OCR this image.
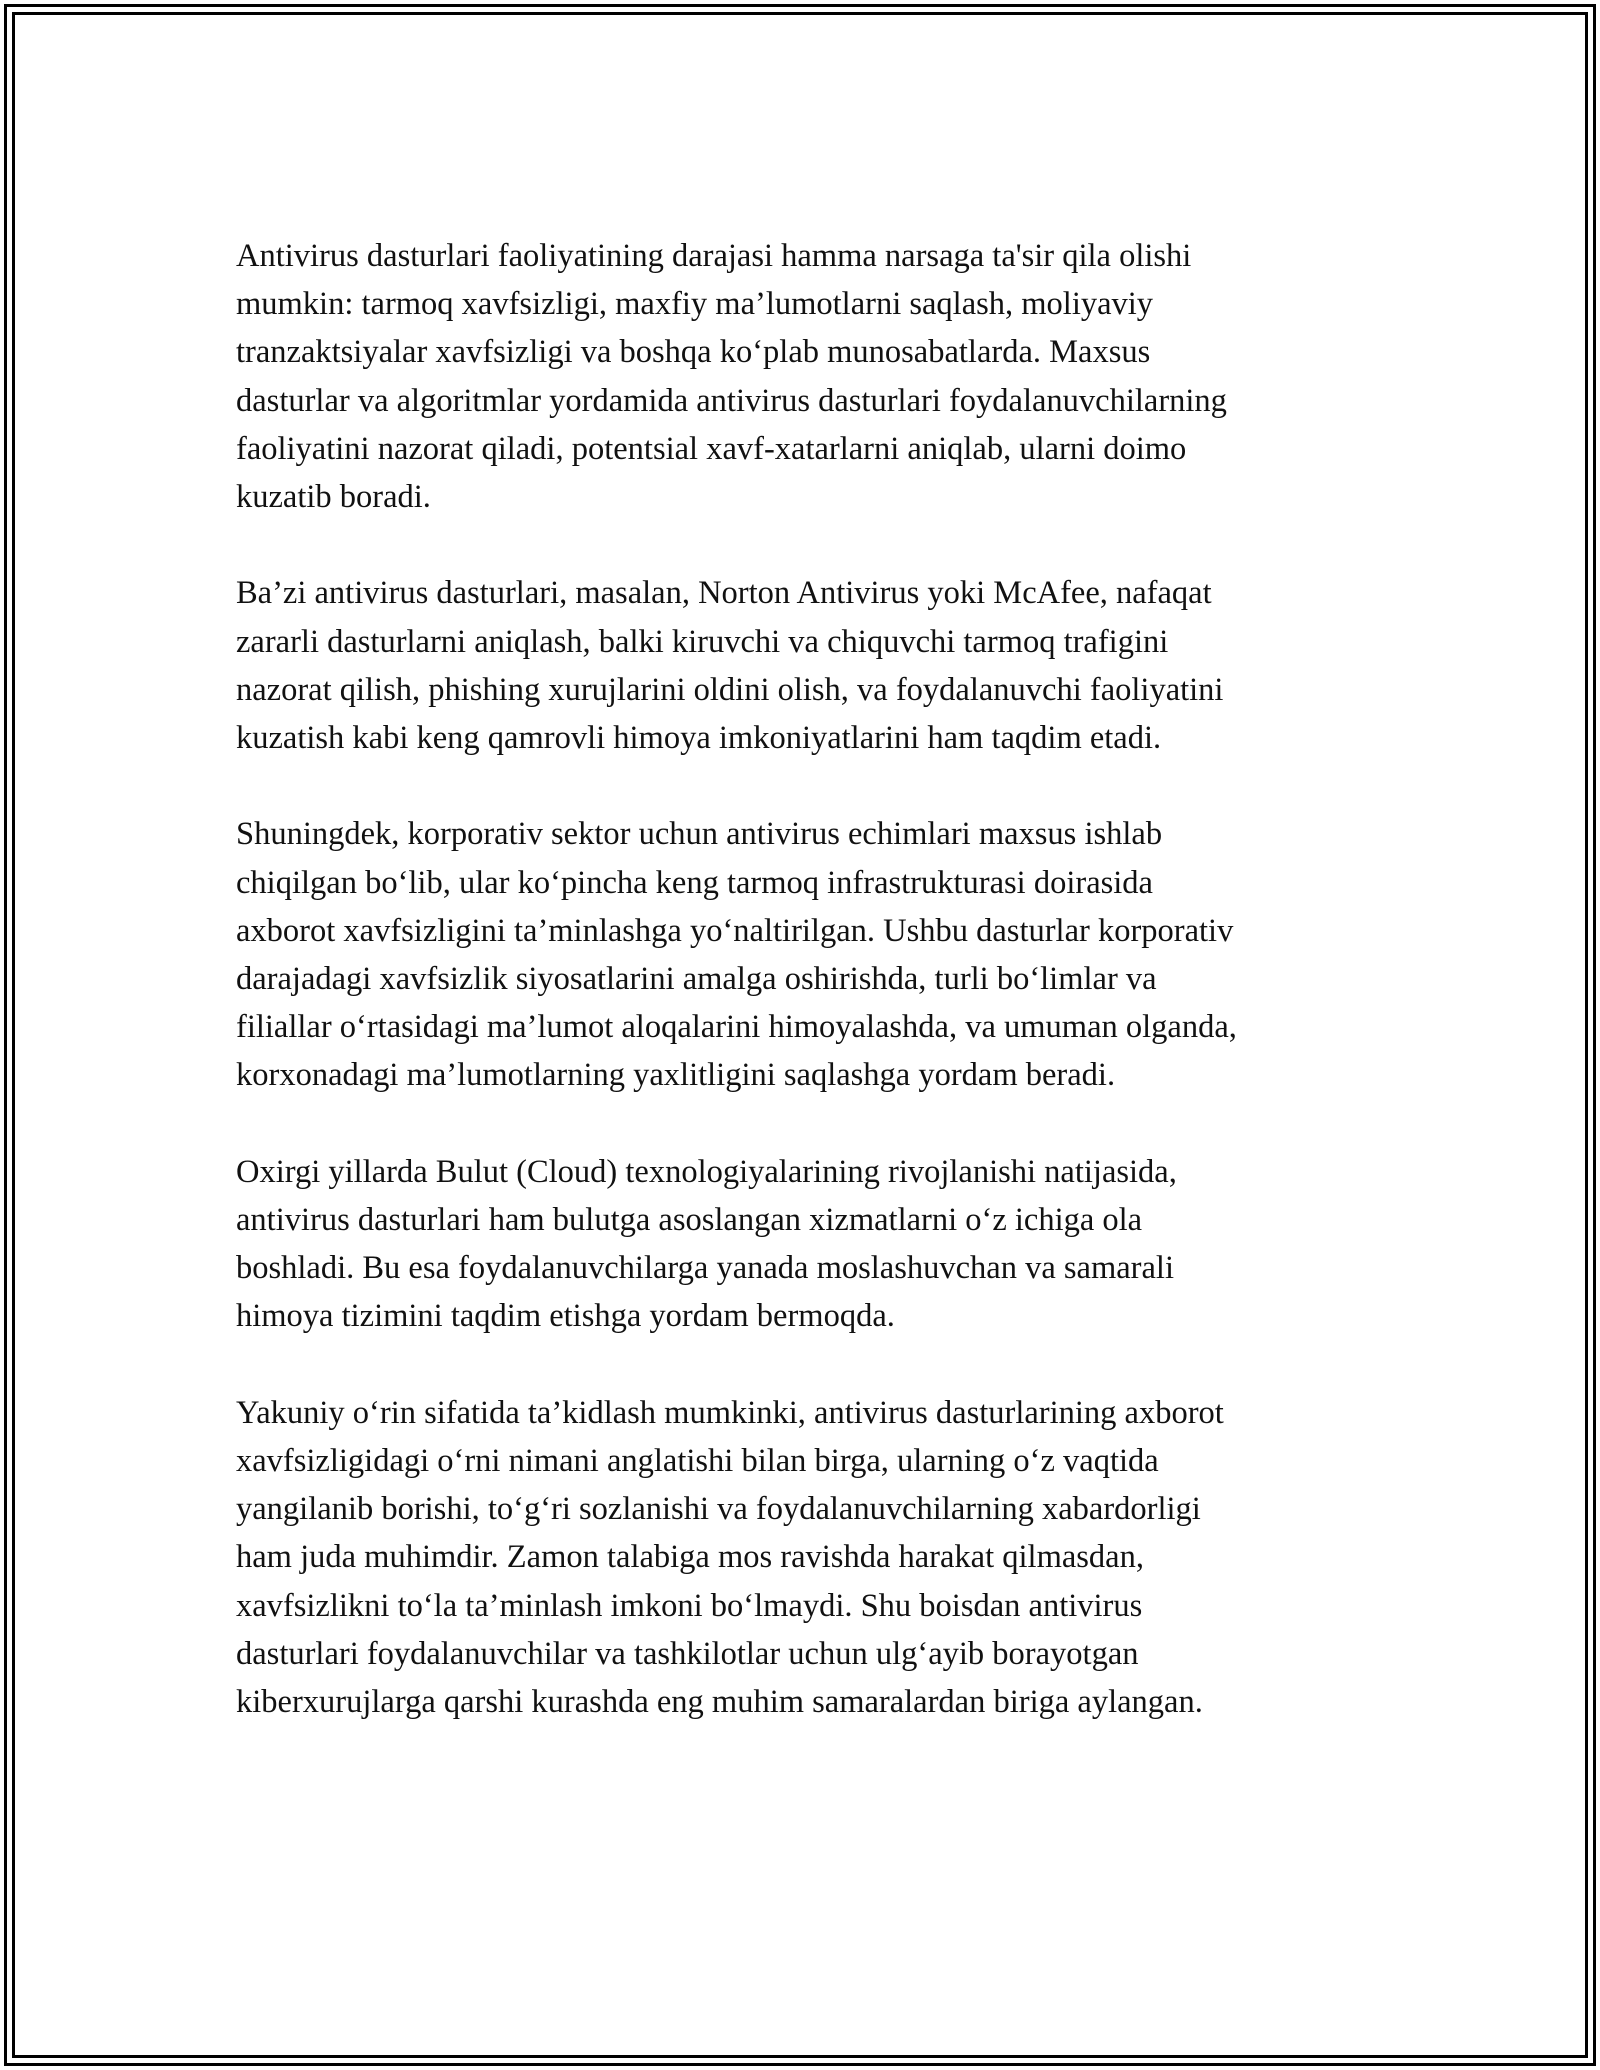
Antivirus dasturlari faoliyatining darajasi hamma narsaga ta'sir qila olishi
mumkin: tarmoq xavfsizligi, maxfiy ma’lumotlarni saqlash, moliyaviy
tranzaktsiyalar xavfsizligi va boshqa ko‘plab munosabatlarda. Maxsus
dasturlar va algoritmlar yordamida antivirus dasturlari foydalanuvchilarning
faoliyatini nazorat qiladi, potentsial xavf-xatarlarni aniqlab, ularni doimo
kuzatib boradi.

Ba’zi antivirus dasturlari, masalan, Norton Antivirus yoki McAfee, nafaqat
zararli dasturlarni aniqlash, balki kiruvchi va chiquvchi tarmoq trafigini
nazorat qilish, phishing xurujlarini oldini olish, va foydalanuvchi faoliyatini
kuzatish kabi keng qamrovli himoya imkoniyatlarini ham taqdim etadi.

Shuningdek, korporativ sektor uchun antivirus echimlari maxsus ishlab
chiqilgan bo‘lib, ular ko‘pincha keng tarmoq infrastrukturasi doirasida
axborot xavfsizligini ta’minlashga yo‘naltirilgan. Ushbu dasturlar korporativ
darajadagi xavfsizlik siyosatlarini amalga oshirishda, turli bo‘limlar va
filiallar o‘rtasidagi ma’lumot aloqalarini himoyalashda, va umuman olganda,
korxonadagi ma’lumotlarning yaxlitligini saqlashga yordam beradi.

Oxirgi yillarda Bulut (Cloud) texnologiyalarining rivojlanishi natijasida,
antivirus dasturlari ham bulutga asoslangan xizmatlarni o‘z ichiga ola
boshladi. Bu esa foydalanuvchilarga yanada moslashuvchan va samarali
himoya tizimini taqdim etishga yordam bermoqda.

Yakuniy o‘rin sifatida ta’kidlash mumkinki, antivirus dasturlarining axborot
xavfsizligidagi o‘rni nimani anglatishi bilan birga, ularning o‘z vaqtida
yangilanib borishi, to‘g‘ri sozlanishi va foydalanuvchilarning xabardorligi
ham juda muhimdir. Zamon talabiga mos ravishda harakat qilmasdan,
xavfsizlikni to‘la ta’minlash imkoni bo‘lmaydi. Shu boisdan antivirus
dasturlari foydalanuvchilar va tashkilotlar uchun ulg‘ayib borayotgan
kiberxurujlarga qarshi kurashda eng muhim samaralardan biriga aylangan.
